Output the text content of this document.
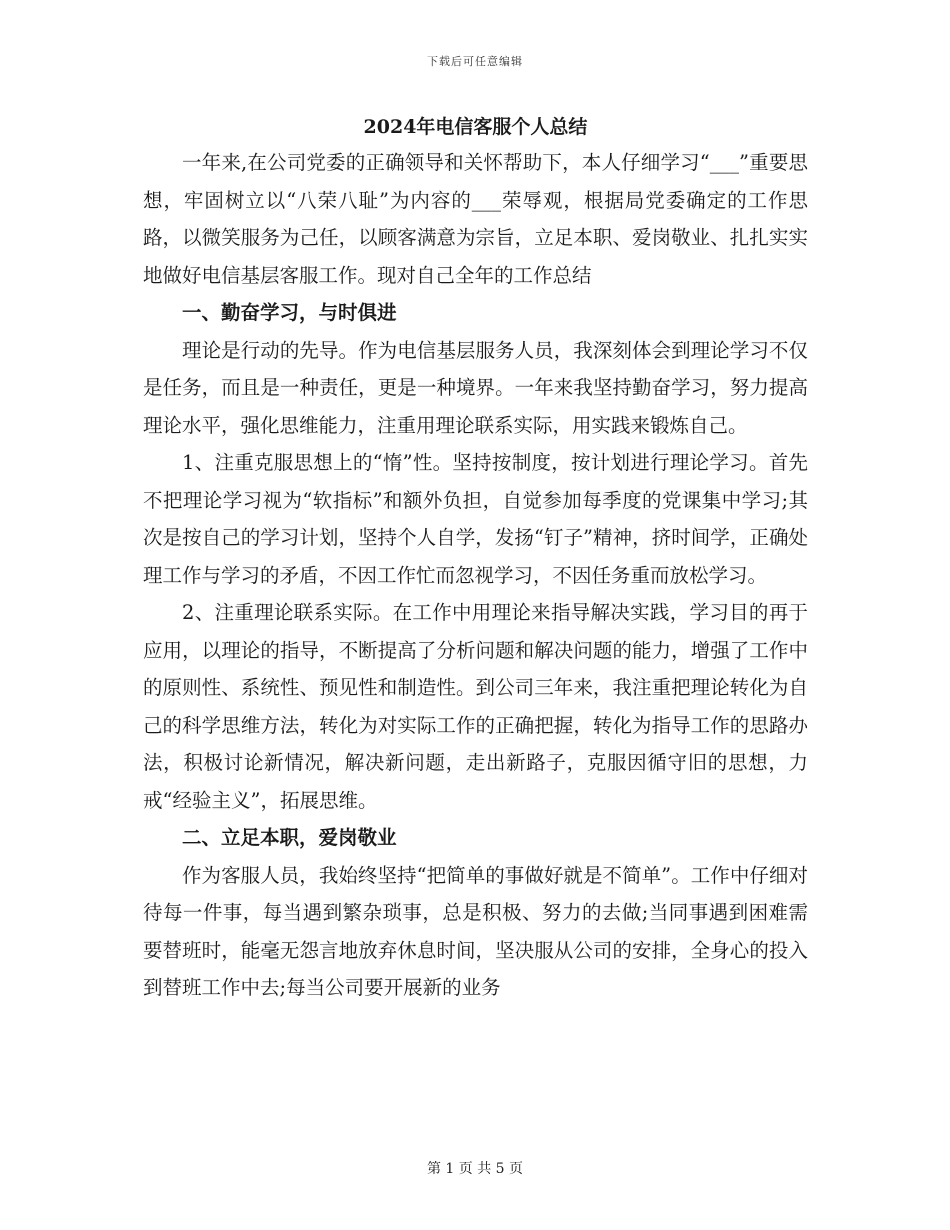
下载后可任意编辑
2024年电信客服个人总结

一年来,在公司党委的正确领导和关怀帮助下，本人仔细学习“___”重要思想，牢固树立以“八荣八耻”为内容的___荣辱观，根据局党委确定的工作思路，以微笑服务为己任，以顾客满意为宗旨，立足本职、爱岗敬业、扎扎实实地做好电信基层客服工作。现对自己全年的工作总结

一、勤奋学习，与时俱进

理论是行动的先导。作为电信基层服务人员，我深刻体会到理论学习不仅是任务，而且是一种责任，更是一种境界。一年来我坚持勤奋学习，努力提高理论水平，强化思维能力，注重用理论联系实际，用实践来锻炼自己。

1、注重克服思想上的“惰”性。坚持按制度，按计划进行理论学习。首先不把理论学习视为“软指标”和额外负担，自觉参加每季度的党课集中学习;其次是按自己的学习计划，坚持个人自学，发扬“钉子”精神，挤时间学，正确处理工作与学习的矛盾，不因工作忙而忽视学习，不因任务重而放松学习。

2、注重理论联系实际。在工作中用理论来指导解决实践，学习目的再于应用，以理论的指导，不断提高了分析问题和解决问题的能力，增强了工作中的原则性、系统性、预见性和制造性。到公司三年来，我注重把理论转化为自己的科学思维方法，转化为对实际工作的正确把握，转化为指导工作的思路办法，积极讨论新情况，解决新问题，走出新路子，克服因循守旧的思想，力戒“经验主义”，拓展思维。

二、立足本职，爱岗敬业

作为客服人员，我始终坚持“把简单的事做好就是不简单”。工作中仔细对待每一件事，每当遇到繁杂琐事，总是积极、努力的去做;当同事遇到困难需要替班时，能毫无怨言地放弃休息时间，坚决服从公司的安排，全身心的投入到替班工作中去;每当公司要开展新的业务

第 1 页 共 5 页
